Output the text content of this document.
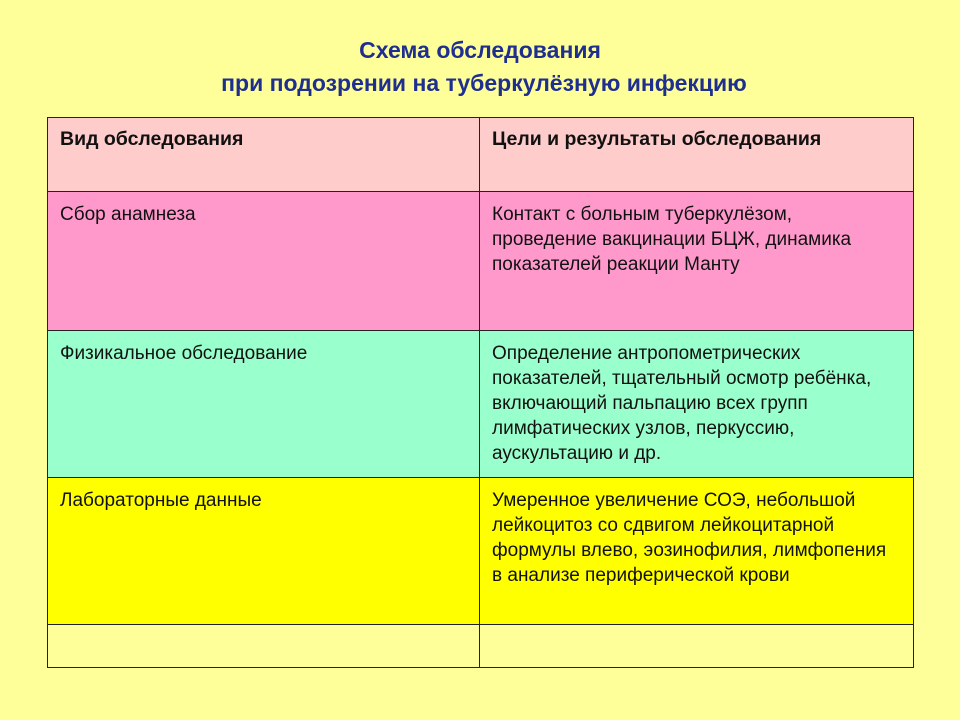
Схема обследования
при подозрении на туберкулёзную инфекцию
Вид обследования	Цели и результаты обследования
Сбор анамнеза	Контакт с больным туберкулёзом, проведение вакцинации БЦЖ, динамика показателей реакции Манту
Физикальное обследование	Определение антропометрических показателей, тщательный осмотр ребёнка, включающий пальпацию всех групп лимфатических узлов, перкуссию, аускультацию и др.
Лабораторные данные	Умеренное увеличение СОЭ, небольшой лейкоцитоз со сдвигом лейкоцитарной формулы влево, эозинофилия, лимфопения в анализе периферической крови
